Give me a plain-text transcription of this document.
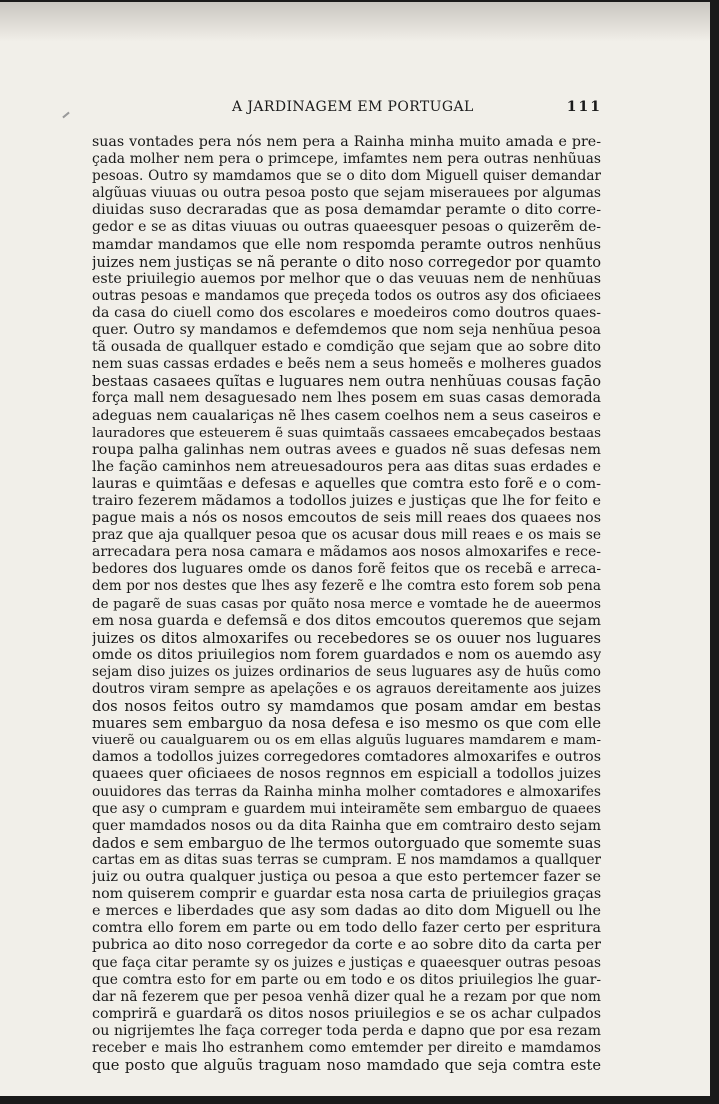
A JARDINAGEM EM PORTUGAL	111
suas vontades pera nós nem pera a Rainha minha muito amada e pre-
çada molher nem pera o primcepe, imfamtes nem pera outras nenhũuas
pesoas. Outro sy mamdamos que se o dito dom Miguell quiser demandar
algũuas viuuas ou outra pesoa posto que sejam miserauees por algumas
diuidas suso decraradas que as posa demamdar peramte o dito corre-
gedor e se as ditas viuuas ou outras quaeesquer pesoas o quizerẽm de-
mamdar mandamos que elle nom respomda peramte outros nenhũus
juizes nem justiças se nã perante o dito noso corregedor por quamto
este priuilegio auemos por melhor que o das veuuas nem de nenhũuas
outras pesoas e mandamos que preçeda todos os outros asy dos oficiaees
da casa do ciuell como dos escolares e moedeiros como doutros quaes-
quer. Outro sy mandamos e defemdemos que nom seja nenhũua pesoa
tã ousada de quallquer estado e comdição que sejam que ao sobre dito
nem suas cassas erdades e beẽs nem a seus homeẽs e molheres guados
bestaas casaees quĩtas e luguares nem outra nenhũuas cousas façāo
força mall nem desaguesado nem lhes posem em suas casas demorada
adeguas nem caualariças nẽ lhes casem coelhos nem a seus caseiros e
lauradores que esteuerem ẽ suas quimtaãs cassaees emcabeçados bestaas
roupa palha galinhas nem outras avees e guados nẽ suas defesas nem
lhe fação caminhos nem atreuesadouros pera aas ditas suas erdades e
lauras e quimtãas e defesas e aquelles que comtra esto forẽ e o com-
trairo fezerem mãdamos a todollos juizes e justiças que lhe for feito e
pague mais a nós os nosos emcoutos de seis mill reaes dos quaees nos
praz que aja quallquer pesoa que os acusar dous mill reaes e os mais se
arrecadara pera nosa camara e mãdamos aos nosos almoxarifes e rece-
bedores dos luguares omde os danos forẽ feitos que os recebã e arreca-
dem por nos destes que lhes asy fezerẽ e lhe comtra esto forem sob pena
de pagarẽ de suas casas por quãto nosa merce e vomtade he de aueermos
em nosa guarda e defemsã e dos ditos emcoutos queremos que sejam
juizes os ditos almoxarifes ou recebedores se os ouuer nos luguares
omde os ditos priuilegios nom forem guardados e nom os auemdo asy
sejam diso juizes os juizes ordinarios de seus luguares asy de huũs como
doutros viram sempre as apelações e os agrauos dereitamente aos juizes
dos nosos feitos outro sy mamdamos que posam amdar em bestas
muares sem embarguo da nosa defesa e iso mesmo os que com elle
viuerẽ ou caualguarem ou os em ellas alguũs luguares mamdarem e mam-
damos a todollos juizes corregedores comtadores almoxarifes e outros
quaees quer oficiaees de nosos regnnos em espiciall a todollos juizes
ouuidores das terras da Rainha minha molher comtadores e almoxarifes
que asy o cumpram e guardem mui inteiramẽte sem embarguo de quaees
quer mamdados nosos ou da dita Rainha que em comtrairo desto sejam
dados e sem embarguo de lhe termos outorguado que somemte suas
cartas em as ditas suas terras se cumpram. E nos mamdamos a quallquer
juiz ou outra qualquer justiça ou pesoa a que esto pertemcer fazer se
nom quiserem comprir e guardar esta nosa carta de priuilegios graças
e merces e liberdades que asy som dadas ao dito dom Miguell ou lhe
comtra ello forem em parte ou em todo dello fazer certo per espritura
pubrica ao dito noso corregedor da corte e ao sobre dito da carta per
que faça citar peramte sy os juizes e justiças e quaeesquer outras pesoas
que comtra esto for em parte ou em todo e os ditos priuilegios lhe guar-
dar nã fezerem que per pesoa venhã dizer qual he a rezam por que nom
comprirã e guardarã os ditos nosos priuilegios e se os achar culpados
ou nigrijemtes lhe faça correger toda perda e dapno que por esa rezam
receber e mais lho estranhem como emtemder per direito e mamdamos
que posto que alguũs traguam noso mamdado que seja comtra este
